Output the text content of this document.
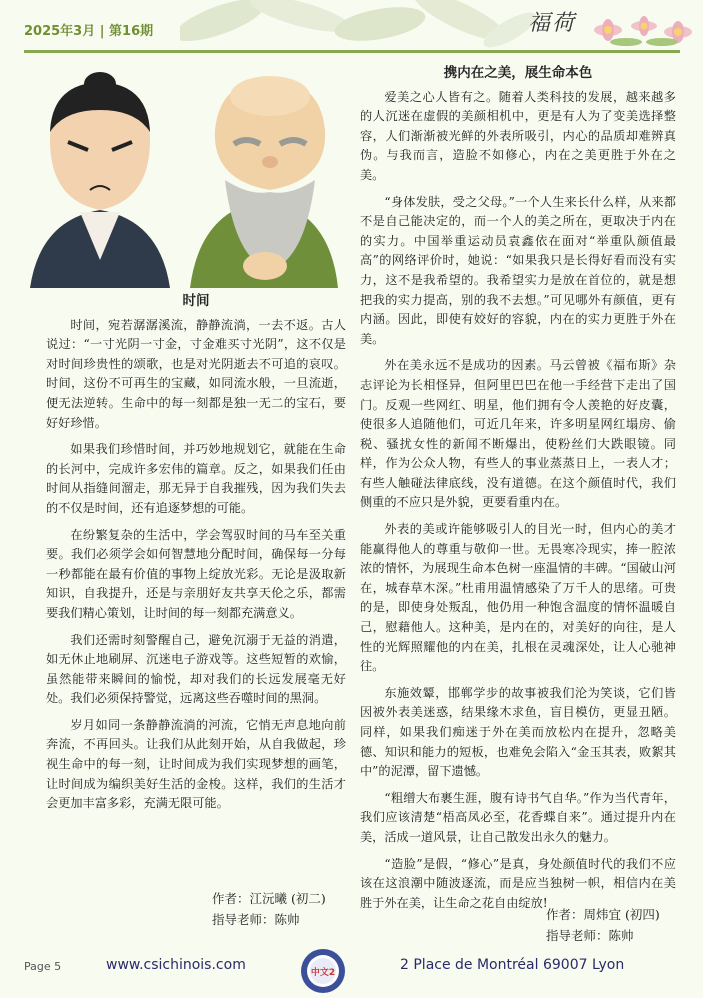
2025年3月 | 第16期	福荷
时间

时间，宛若潺潺溪流，静静流淌，一去不返。古人说过：“一寸光阴一寸金，寸金难买寸光阴”，这不仅是对时间珍贵性的颂歌，也是对光阴逝去不可追的哀叹。时间，这份不可再生的宝藏，如同流水般，一旦流逝，便无法逆转。生命中的每一刻都是独一无二的宝石，要好好珍惜。

如果我们珍惜时间，并巧妙地规划它，就能在生命的长河中，完成许多宏伟的篇章。反之，如果我们任由时间从指缝间溜走，那无异于自我摧残，因为我们失去的不仅是时间，还有追逐梦想的可能。

在纷繁复杂的生活中，学会驾驭时间的马车至关重要。我们必须学会如何智慧地分配时间，确保每一分每一秒都能在最有价值的事物上绽放光彩。无论是汲取新知识，自我提升，还是与亲朋好友共享天伦之乐，都需要我们精心策划，让时间的每一刻都充满意义。

我们还需时刻警醒自己，避免沉溺于无益的消遣，如无休止地刷屏、沉迷电子游戏等。这些短暂的欢愉，虽然能带来瞬间的愉悦，却对我们的长远发展毫无好处。我们必须保持警觉，远离这些吞噬时间的黑洞。

岁月如同一条静静流淌的河流，它悄无声息地向前奔流，不再回头。让我们从此刻开始，从自我做起，珍视生命中的每一刻，让时间成为我们实现梦想的画笔，让时间成为编织美好生活的金梭。这样，我们的生活才会更加丰富多彩，充满无限可能。

作者：江沅曦 (初二)
指导老师：陈帅
携内在之美，展生命本色

爱美之心人皆有之。随着人类科技的发展，越来越多的人沉迷在虚假的美颜相机中，更是有人为了变美选择整容，人们渐渐被光鲜的外表所吸引，内心的品质却难辨真伪。与我而言，造脸不如修心，内在之美更胜于外在之美。

“身体发肤，受之父母。”一个人生来长什么样，从来都不是自己能决定的，而一个人的美之所在，更取决于内在的实力。中国举重运动员袁鑫依在面对“举重队颜值最高”的网络评价时，她说：“如果我只是长得好看而没有实力，这不是我希望的。我希望实力是放在首位的，就是想把我的实力提高，别的我不去想。”可见哪外有颜值，更有内涵。因此，即使有姣好的容貌，内在的实力更胜于外在美。

外在美永远不是成功的因素。马云曾被《福布斯》杂志评论为长相怪异，但阿里巴巴在他一手经营下走出了国门。反观一些网红、明星，他们拥有令人羡艳的好皮囊，使很多人追随他们，可近几年来，许多明星网红塌房、偷税、骚扰女性的新闻不断爆出，使粉丝们大跌眼镜。同样，作为公众人物，有些人的事业蒸蒸日上，一表人才；有些人触碰法律底线，没有道德。在这个颜值时代，我们侧重的不应只是外貌，更要看重内在。

外表的美或许能够吸引人的目光一时，但内心的美才能赢得他人的尊重与敬仰一世。无畏寒冷现实，捧一腔浓浓的情怀，为展现生命本色树一座温情的丰碑。“国破山河在，城春草木深。”杜甫用温情感染了万千人的思绪。可贵的是，即使身处叛乱，他仍用一种饱含温度的情怀温暖自己，慰藉他人。这种美，是内在的，对美好的向往，是人性的光辉照耀他的内在美，扎根在灵魂深处，让人心驰神往。

东施效颦，邯郸学步的故事被我们沦为笑谈，它们皆因被外表美迷惑，结果缘木求鱼，盲目模仿，更显丑陋。同样，如果我们痴迷于外在美而放松内在提升，忽略美德、知识和能力的短板，也难免会陷入“金玉其表，败絮其中”的泥潭，留下遗憾。

“粗缯大布裹生涯，腹有诗书气自华。”作为当代青年，我们应该清楚“梧高凤必至，花香蝶自来”。通过提升内在美，活成一道风景，让自己散发出永久的魅力。

“造脸”是假，“修心”是真，身处颜值时代的我们不应该在这浪潮中随波逐流，而是应当独树一帜，相信内在美胜于外在美，让生命之花自由绽放!

作者：周炜宜 (初四)
指导老师：陈帅
Page 5	www.csichinois.com	中文2	2 Place de Montréal 69007 Lyon
